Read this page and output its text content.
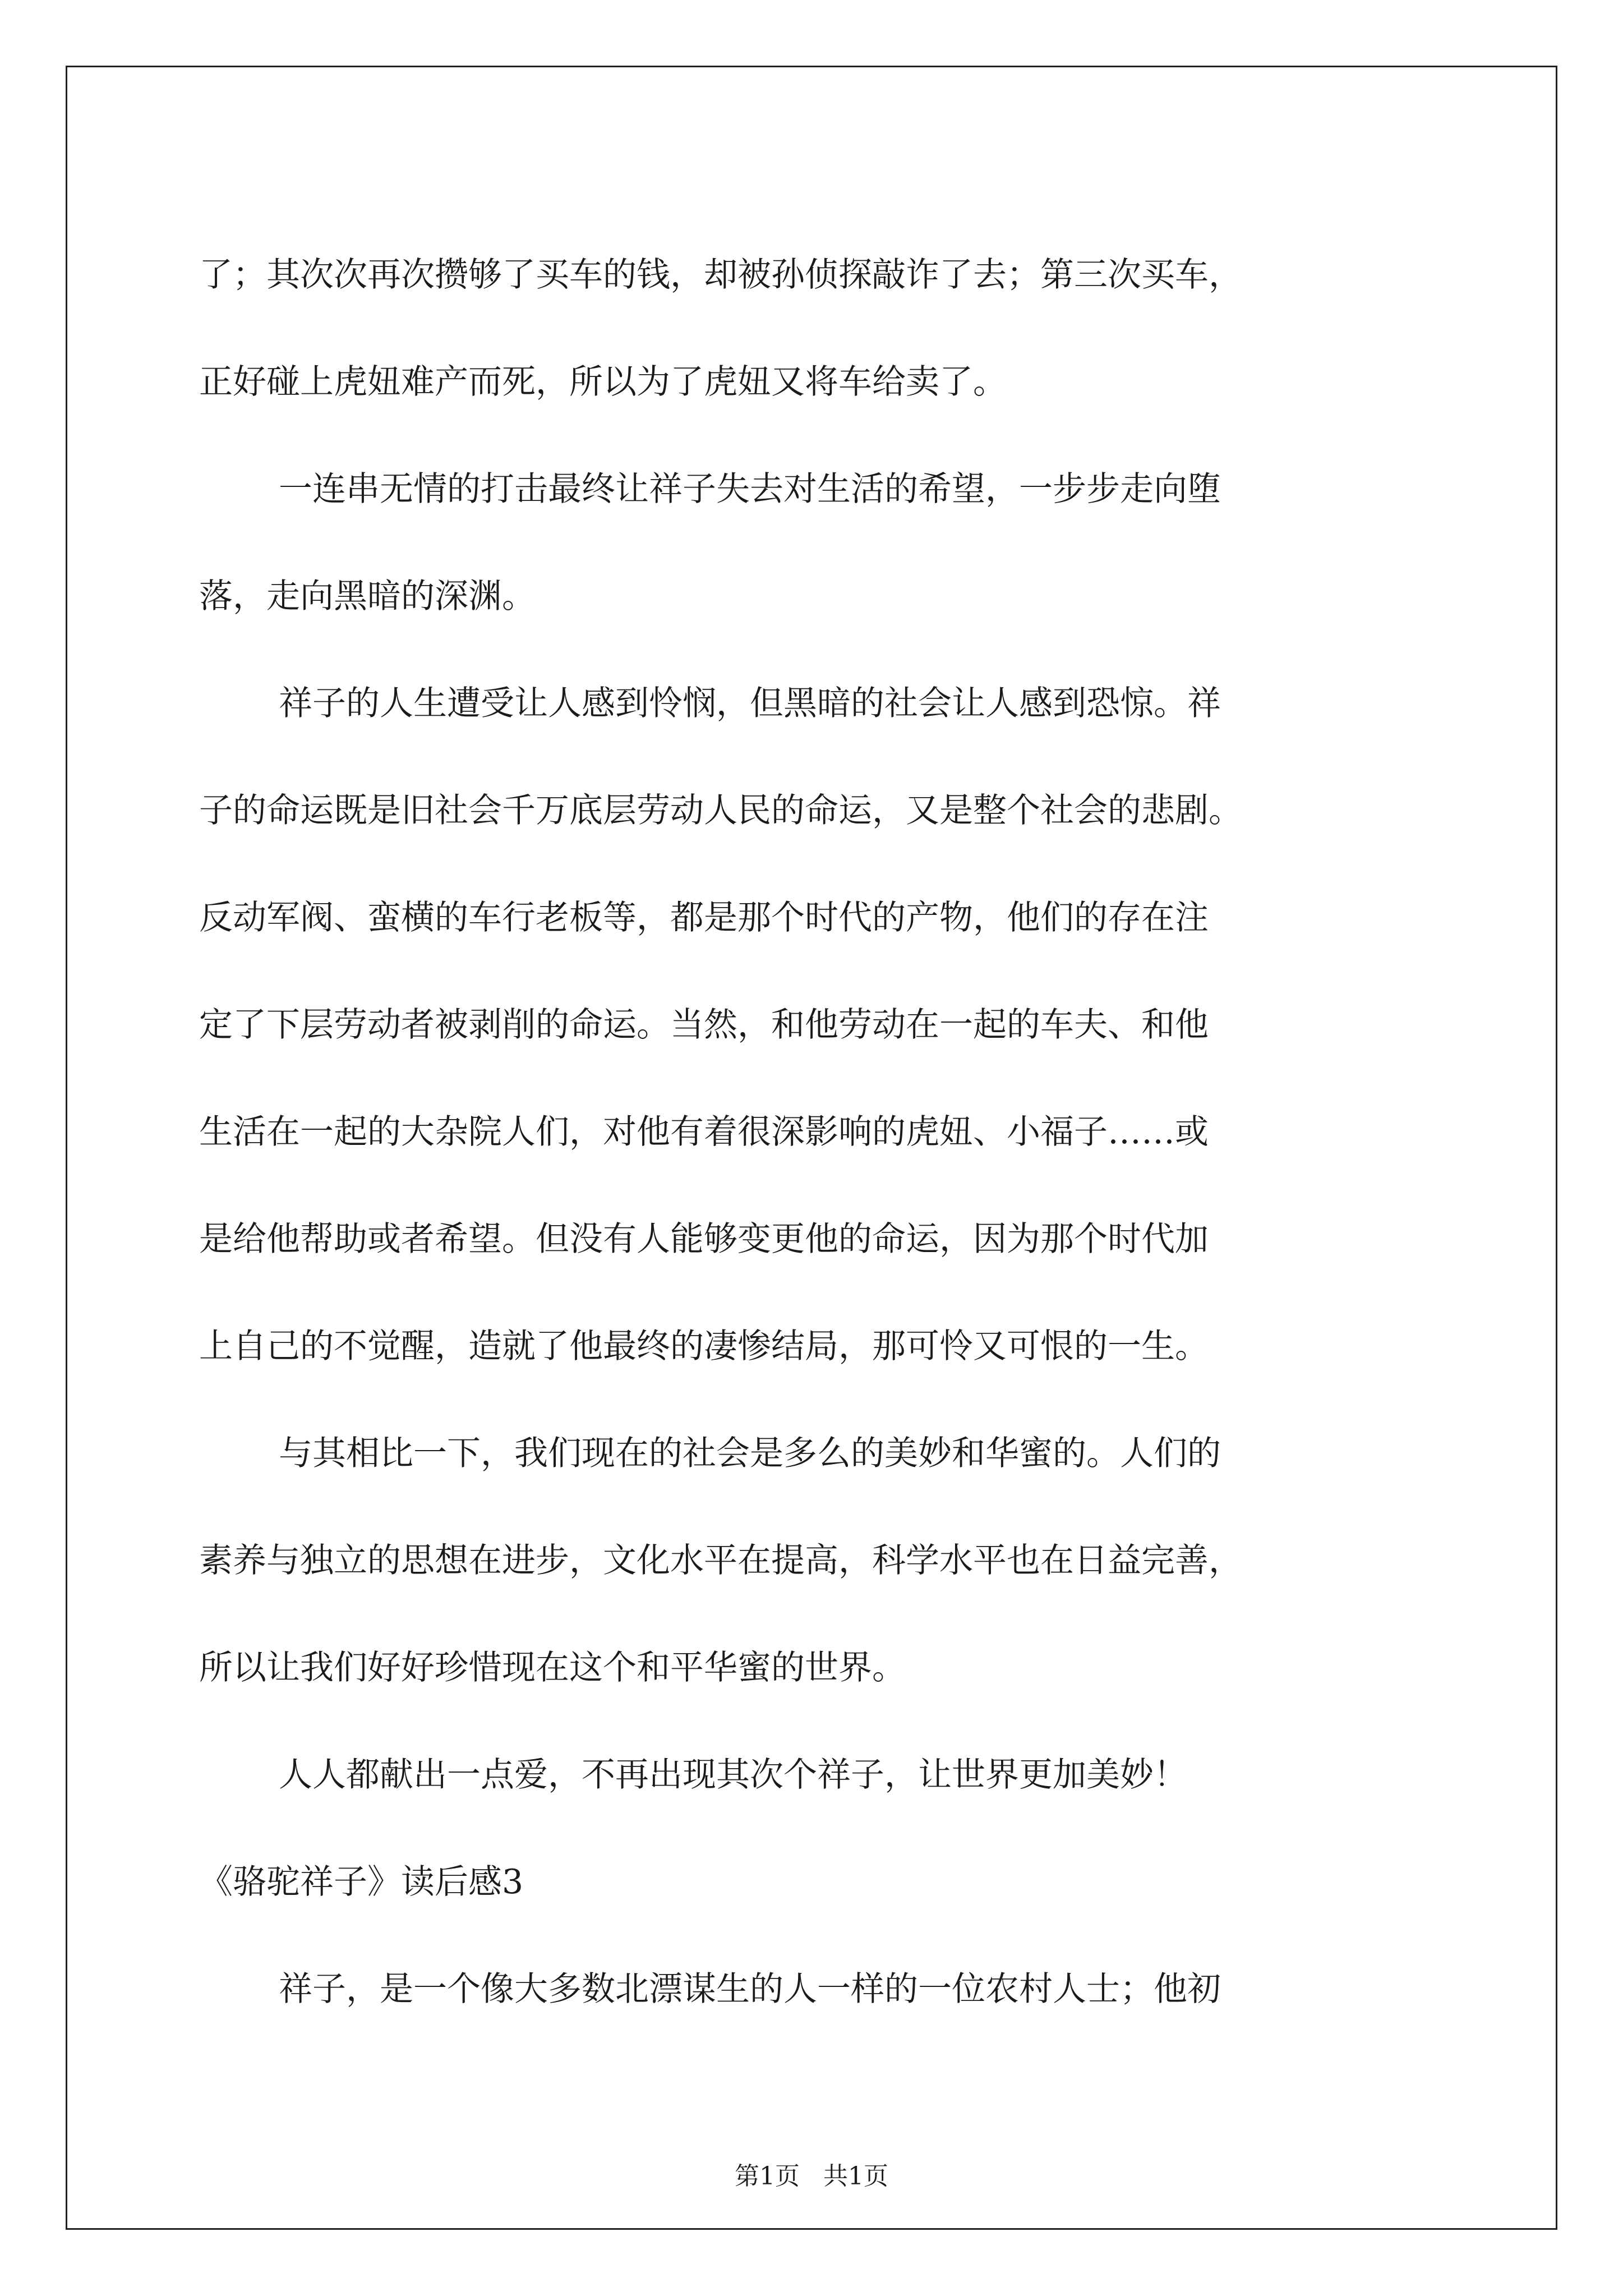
了；其次次再次攒够了买车的钱，却被孙侦探敲诈了去；第三次买车，

正好碰上虎妞难产而死，所以为了虎妞又将车给卖了。

一连串无情的打击最终让祥子失去对生活的希望，一步步走向堕

落，走向黑暗的深渊。

祥子的人生遭受让人感到怜悯，但黑暗的社会让人感到恐惊。祥

子的命运既是旧社会千万底层劳动人民的命运，又是整个社会的悲剧。

反动军阀、蛮横的车行老板等，都是那个时代的产物，他们的存在注

定了下层劳动者被剥削的命运。当然，和他劳动在一起的车夫、和他

生活在一起的大杂院人们，对他有着很深影响的虎妞、小福子……或

是给他帮助或者希望。但没有人能够变更他的命运，因为那个时代加

上自己的不觉醒，造就了他最终的凄惨结局，那可怜又可恨的一生。

与其相比一下，我们现在的社会是多么的美妙和华蜜的。人们的

素养与独立的思想在进步，文化水平在提高，科学水平也在日益完善，

所以让我们好好珍惜现在这个和平华蜜的世界。

人人都献出一点爱，不再出现其次个祥子，让世界更加美妙！

《骆驼祥子》读后感3

祥子，是一个像大多数北漂谋生的人一样的一位农村人士；他初

第1页 共1页
